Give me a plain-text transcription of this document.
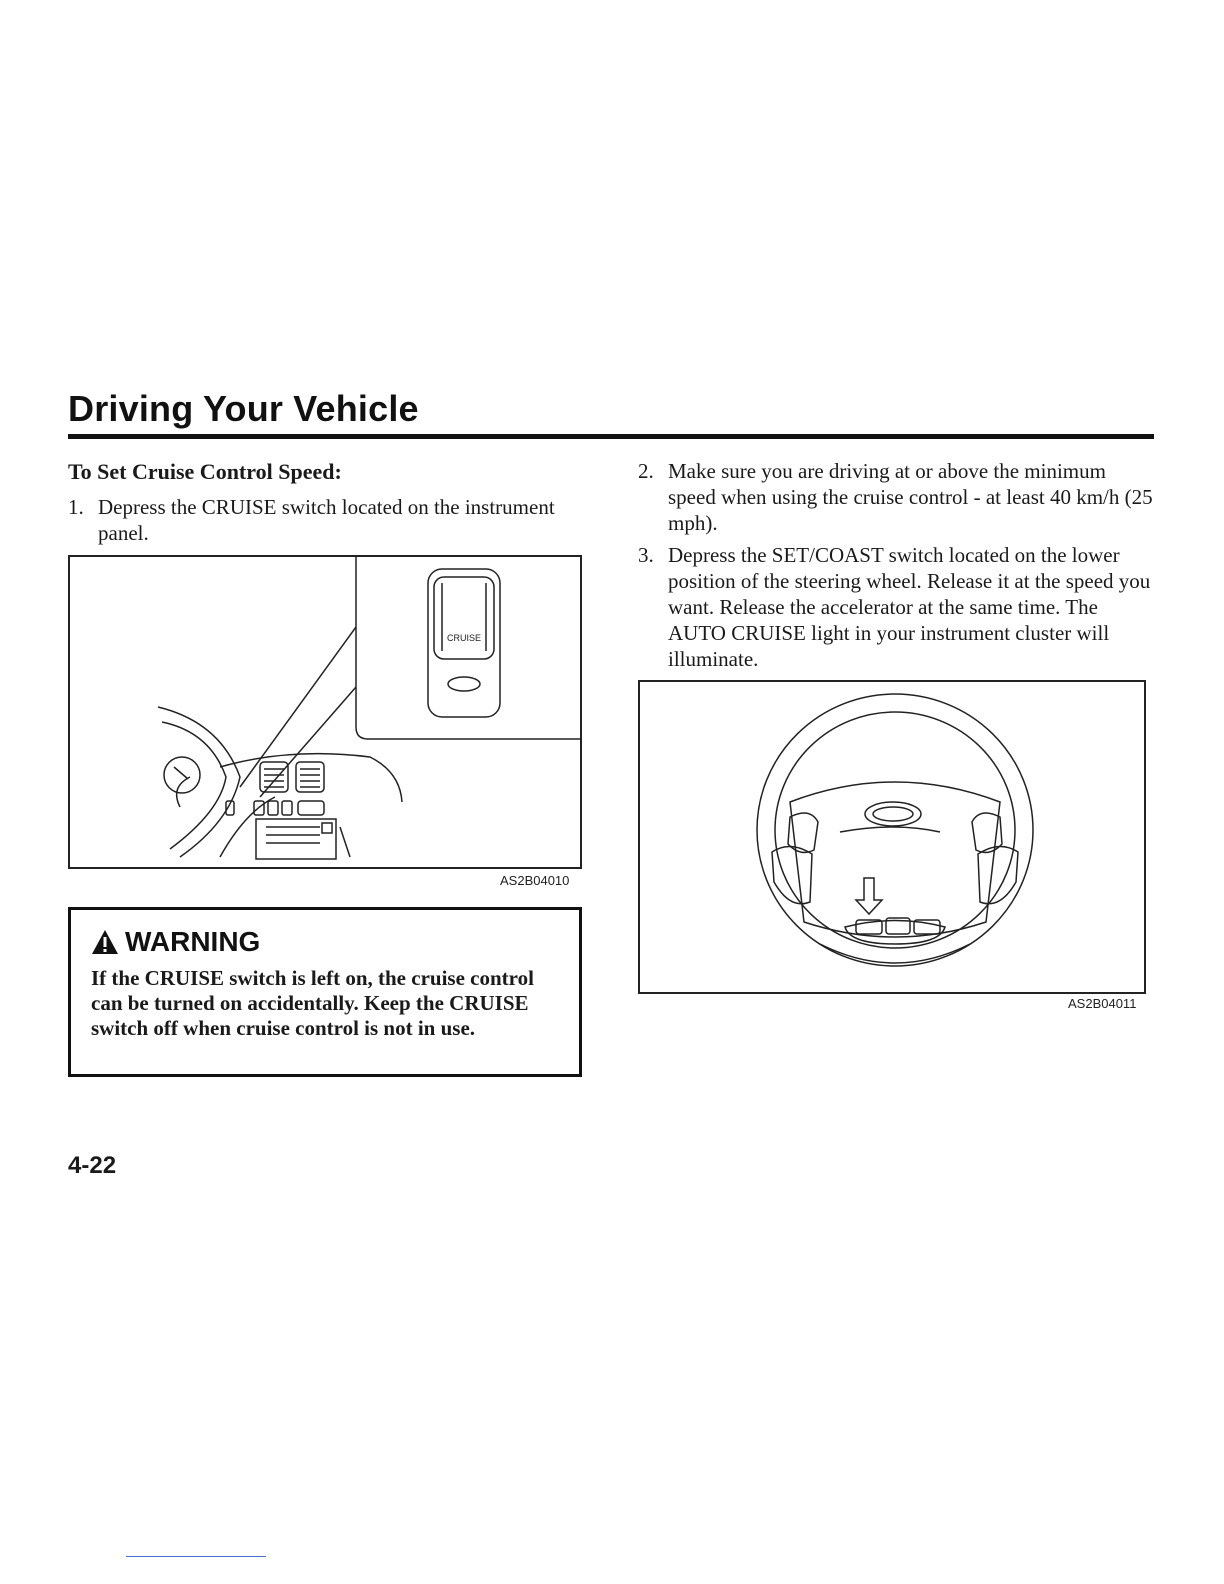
Driving Your Vehicle
To Set Cruise Control Speed:
1. Depress the CRUISE switch located on the instrument panel.
CRUISE
AS2B04010
WARNING
If the CRUISE switch is left on, the cruise control can be turned on accidentally. Keep the CRUISE switch off when cruise control is not in use.
2. Make sure you are driving at or above the minimum speed when using the cruise control - at least 40 km/h (25 mph).
3. Depress the SET/COAST switch located on the lower position of the steering wheel. Release it at the speed you want. Release the accelerator at the same time. The AUTO CRUISE light in your instrument cluster will illuminate.
AS2B04011
4-22
